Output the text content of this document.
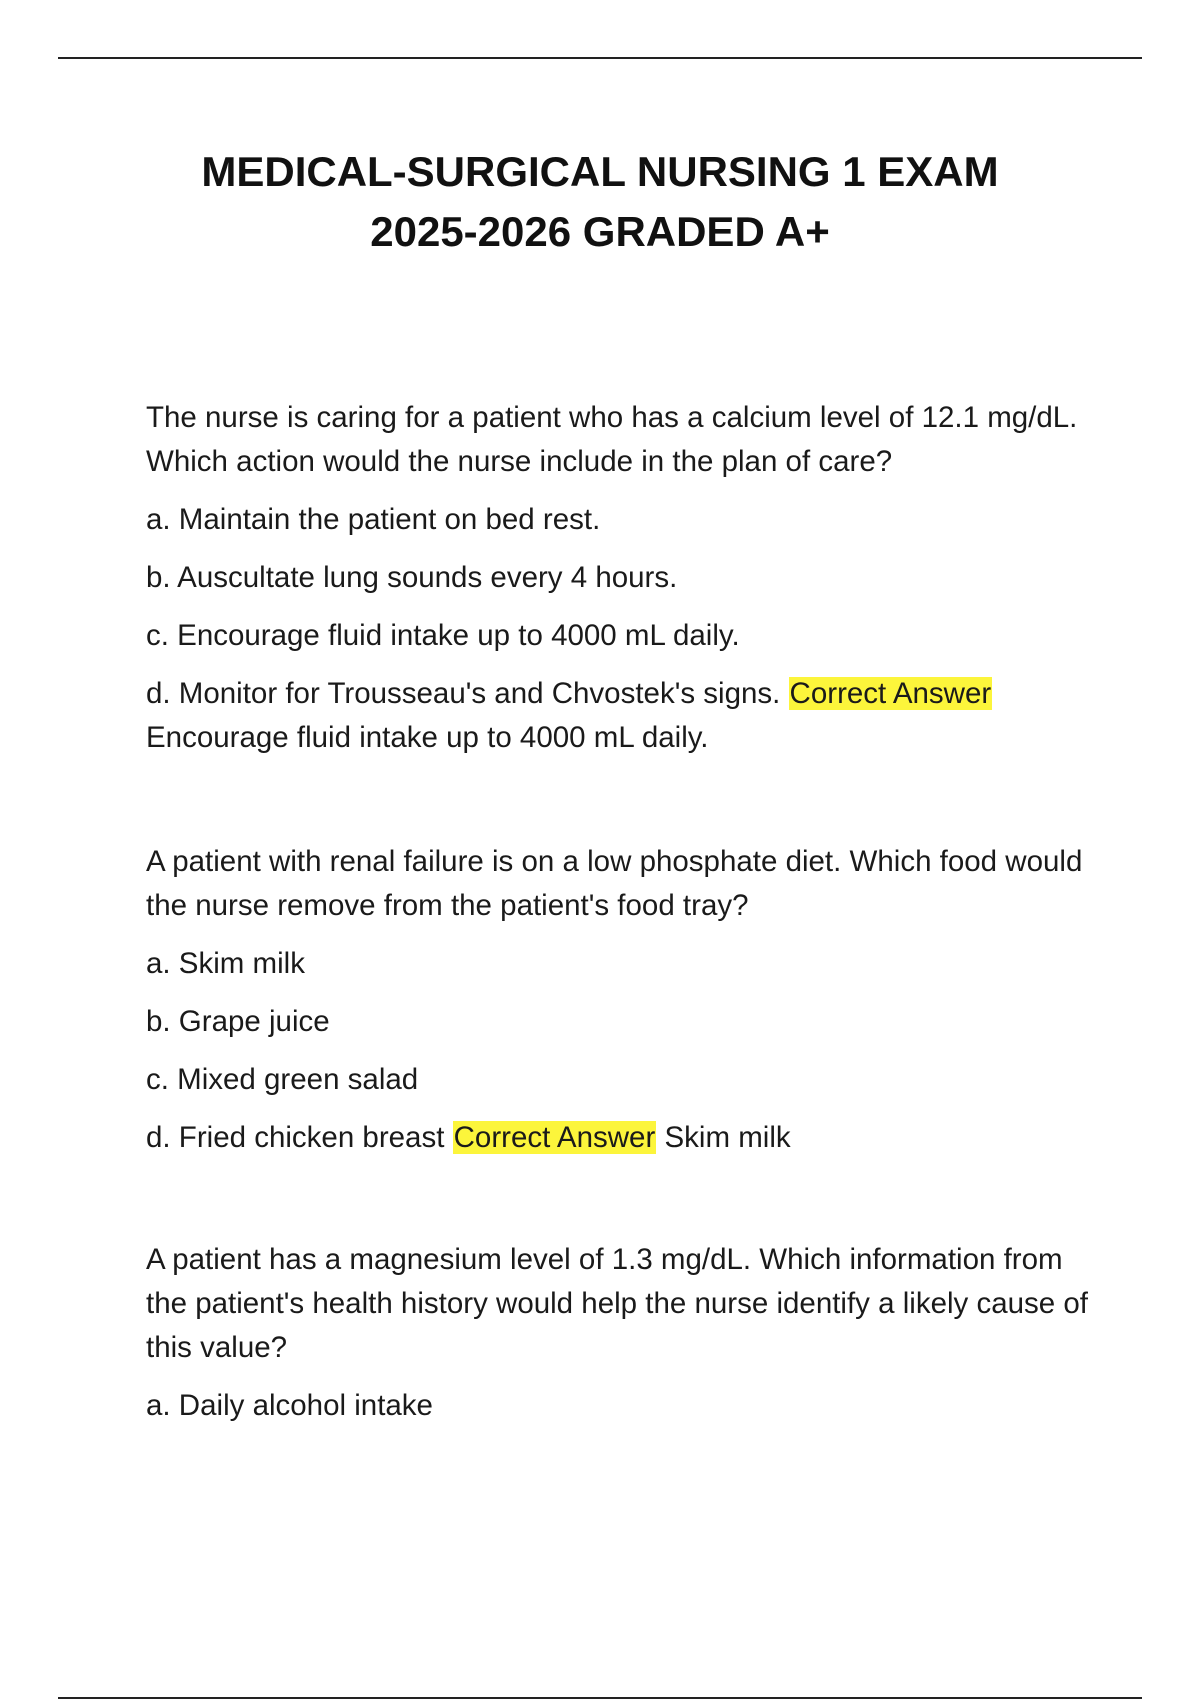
MEDICAL-SURGICAL NURSING 1 EXAM
2025-2026 GRADED A+

The nurse is caring for a patient who has a calcium level of 12.1 mg/dL. Which action would the nurse include in the plan of care?

a. Maintain the patient on bed rest.

b. Auscultate lung sounds every 4 hours.

c. Encourage fluid intake up to 4000 mL daily.

d. Monitor for Trousseau's and Chvostek's signs. Correct Answer Encourage fluid intake up to 4000 mL daily.

A patient with renal failure is on a low phosphate diet. Which food would the nurse remove from the patient's food tray?

a. Skim milk

b. Grape juice

c. Mixed green salad

d. Fried chicken breast Correct Answer Skim milk

A patient has a magnesium level of 1.3 mg/dL. Which information from the patient's health history would help the nurse identify a likely cause of this value?

a. Daily alcohol intake
